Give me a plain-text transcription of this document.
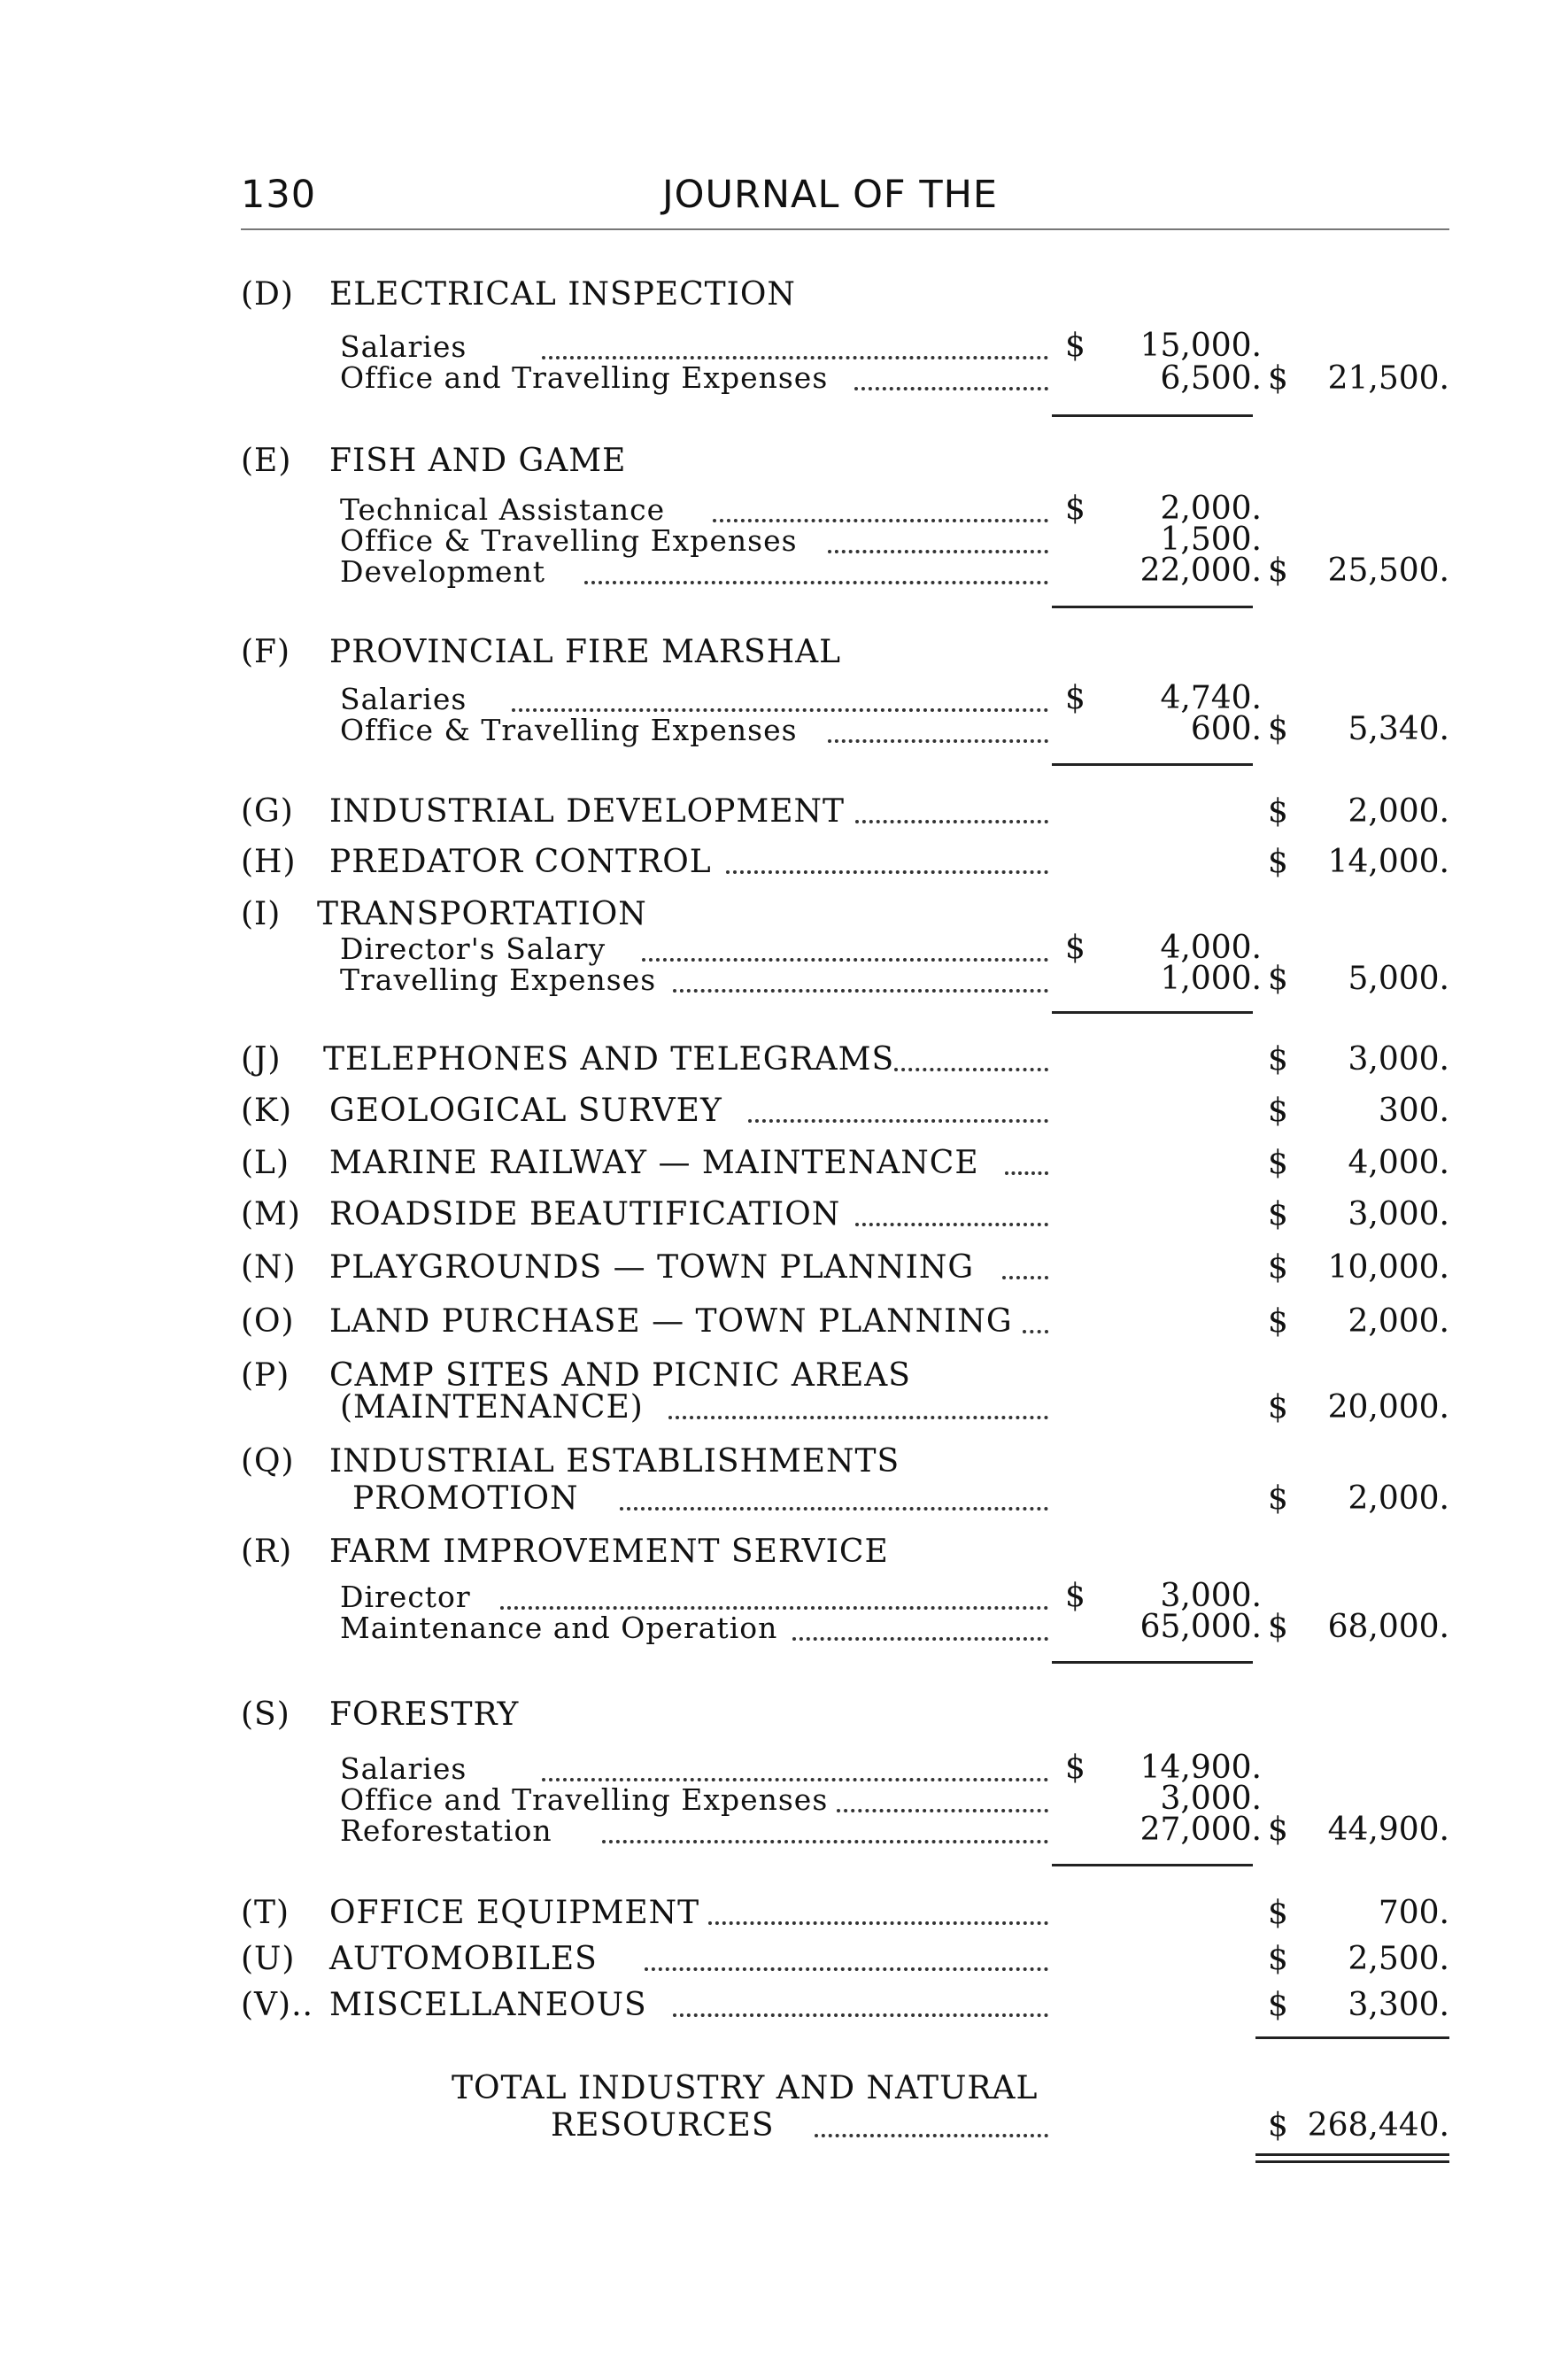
130	JOURNAL OF THE
(D) ELECTRICAL INSPECTION
Salaries	$	15,000.
Office and Travelling Expenses	6,500. $	21,500.
(E) FISH AND GAME
Technical Assistance	$	2,000.
Office & Travelling Expenses	1,500.
Development	22,000. $	25,500.
(F) PROVINCIAL FIRE MARSHAL
Salaries	$	4,740.
Office & Travelling Expenses	600. $	5,340.
(G) INDUSTRIAL DEVELOPMENT	$	2,000.
(H) PREDATOR CONTROL	$	14,000.
(I) TRANSPORTATION
Director's Salary	$	4,000.
Travelling Expenses	1,000. $	5,000.
(J) TELEPHONES AND TELEGRAMS	$	3,000.
(K) GEOLOGICAL SURVEY	$	300.
(L) MARINE RAILWAY — MAINTENANCE	$	4,000.
(M) ROADSIDE BEAUTIFICATION	$	3,000.
(N) PLAYGROUNDS — TOWN PLANNING	$	10,000.
(O) LAND PURCHASE — TOWN PLANNING	$	2,000.
(P) CAMP SITES AND PICNIC AREAS
(MAINTENANCE)	$	20,000.
(Q) INDUSTRIAL ESTABLISHMENTS
PROMOTION	$	2,000.
(R) FARM IMPROVEMENT SERVICE
Director	$	3,000.
Maintenance and Operation	65,000. $	68,000.
(S) FORESTRY
Salaries	$	14,900.
Office and Travelling Expenses	3,000.
Reforestation	27,000. $	44,900.
(T) OFFICE EQUIPMENT	$	700.
(U) AUTOMOBILES	$	2,500.
(V).. MISCELLANEOUS	$	3,300.
TOTAL INDUSTRY AND NATURAL
RESOURCES	$ 268,440.
